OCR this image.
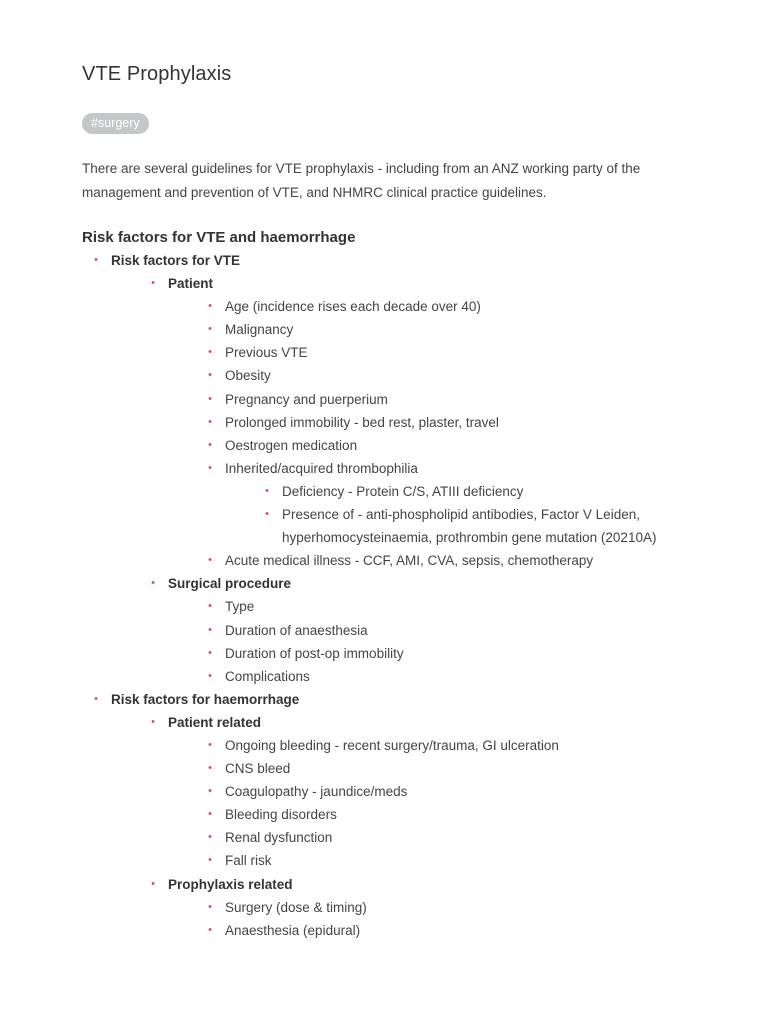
VTE Prophylaxis
#surgery

There are several guidelines for VTE prophylaxis - including from an ANZ working party of the management and prevention of VTE, and NHMRC clinical practice guidelines.

Risk factors for VTE and haemorrhage
• Risk factors for VTE
• Patient
• Age (incidence rises each decade over 40)
• Malignancy
• Previous VTE
• Obesity
• Pregnancy and puerperium
• Prolonged immobility - bed rest, plaster, travel
• Oestrogen medication
• Inherited/acquired thrombophilia
• Deficiency - Protein C/S, ATIII deficiency
• Presence of - anti-phospholipid antibodies, Factor V Leiden, hyperhomocysteinaemia, prothrombin gene mutation (20210A)
• Acute medical illness - CCF, AMI, CVA, sepsis, chemotherapy
• Surgical procedure
• Type
• Duration of anaesthesia
• Duration of post-op immobility
• Complications
• Risk factors for haemorrhage
• Patient related
• Ongoing bleeding - recent surgery/trauma, GI ulceration
• CNS bleed
• Coagulopathy - jaundice/meds
• Bleeding disorders
• Renal dysfunction
• Fall risk
• Prophylaxis related
• Surgery (dose & timing)
• Anaesthesia (epidural)
